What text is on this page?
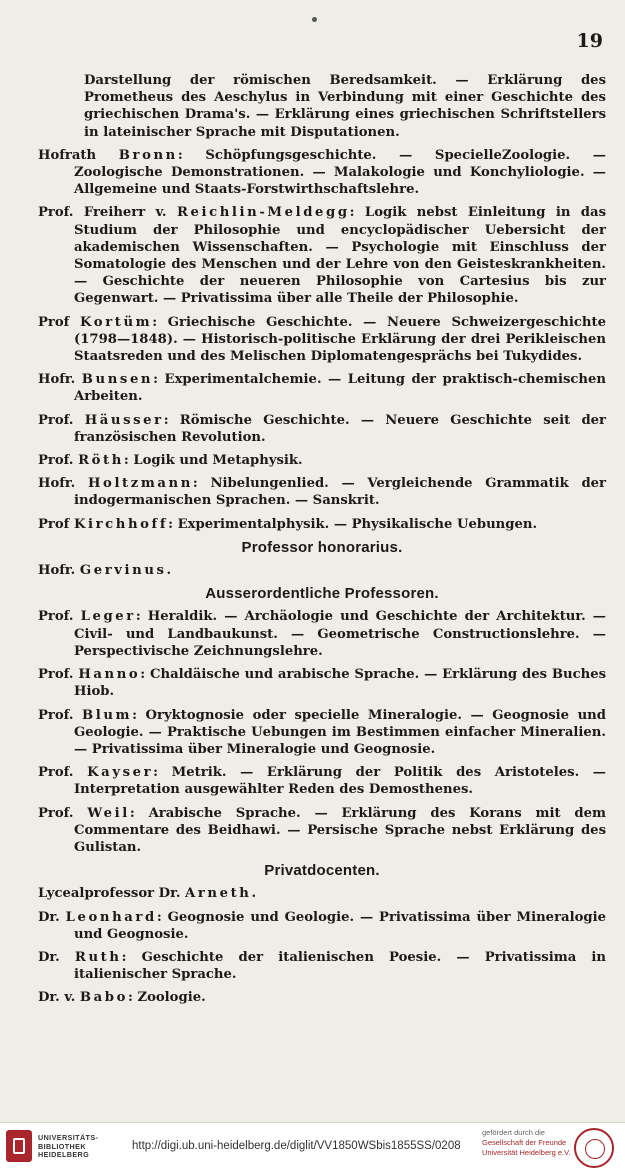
19

Darstellung der römischen Beredsamkeit. — Erklärung des Prometheus des Aeschylus in Verbindung mit einer Geschichte des griechischen Drama's. — Erklärung eines griechischen Schriftstellers in lateinischer Sprache mit Disputationen.

Hofrath Bronn: Schöpfungsgeschichte. — SpecielleZoologie. — Zoologische Demonstrationen. — Malakologie und Konchyliologie. — Allgemeine und Staats-Forstwirthschaftslehre.

Prof. Freiherr v. Reichlin-Meldegg: Logik nebst Einleitung in das Studium der Philosophie und encyclopädischer Uebersicht der akademischen Wissenschaften. — Psychologie mit Einschluss der Somatologie des Menschen und der Lehre von den Geisteskrankheiten. — Geschichte der neueren Philosophie von Cartesius bis zur Gegenwart. — Privatissima über alle Theile der Philosophie.

Prof Kortüm: Griechische Geschichte. — Neuere Schweizergeschichte (1798—1848). — Historisch-politische Erklärung der drei Perikleischen Staatsreden und des Melischen Diplomatengesprächs bei Tukydides.

Hofr. Bunsen: Experimentalchemie. — Leitung der praktisch-chemischen Arbeiten.

Prof. Häusser: Römische Geschichte. — Neuere Geschichte seit der französischen Revolution.

Prof. Röth: Logik und Metaphysik.

Hofr. Holtzmann: Nibelungenlied. — Vergleichende Grammatik der indogermanischen Sprachen. — Sanskrit.

Prof Kirchhoff: Experimentalphysik. — Physikalische Uebungen.

Professor honorarius.

Hofr. Gervinus.

Ausserordentliche Professoren.

Prof. Leger: Heraldik. — Archäologie und Geschichte der Architektur. — Civil- und Landbaukunst. — Geometrische Constructionslehre. — Perspectivische Zeichnungslehre.

Prof. Hanno: Chaldäische und arabische Sprache. — Erklärung des Buches Hiob.

Prof. Blum: Oryktognosie oder specielle Mineralogie. — Geognosie und Geologie. — Praktische Uebungen im Bestimmen einfacher Mineralien. — Privatissima über Mineralogie und Geognosie.

Prof. Kayser: Metrik. — Erklärung der Politik des Aristoteles. — Interpretation ausgewählter Reden des Demosthenes.

Prof. Weil: Arabische Sprache. — Erklärung des Korans mit dem Commentare des Beidhawi. — Persische Sprache nebst Erklärung des Gulistan.

Privatdocenten.

Lycealprofessor Dr. Arneth.

Dr. Leonhard: Geognosie und Geologie. — Privatissima über Mineralogie und Geognosie.

Dr. Ruth: Geschichte der italienischen Poesie. — Privatissima in italienischer Sprache.

Dr. v. Babo: Zoologie.

UNIVERSITÄTS-
BIBLIOTHEK
HEIDELBERG
http://digi.ub.uni-heidelberg.de/diglit/VV1850WSbis1855SS/0208
gefördert durch die
Gesellschaft der Freunde
Universität Heidelberg e.V.
